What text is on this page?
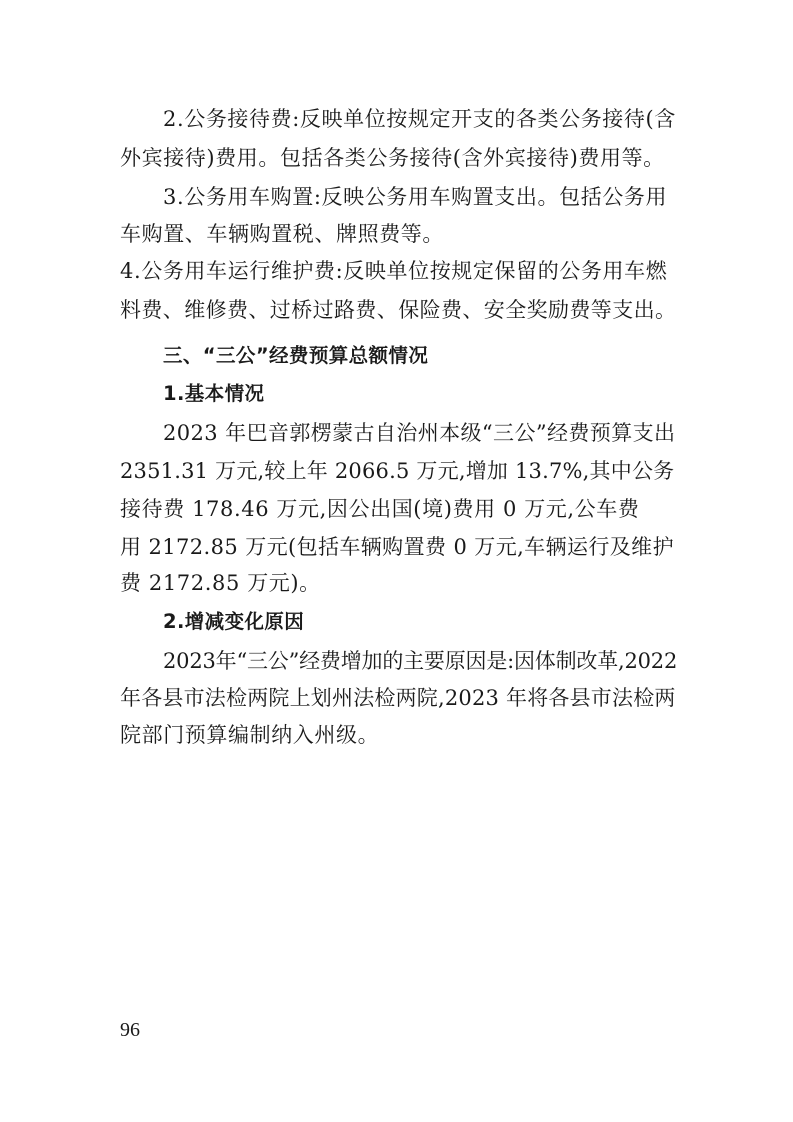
2.公务接待费:反映单位按规定开支的各类公务接待(含
外宾接待)费用。包括各类公务接待(含外宾接待)费用等。
3.公务用车购置:反映公务用车购置支出。包括公务用
车购置、车辆购置税、牌照费等。
4.公务用车运行维护费:反映单位按规定保留的公务用车燃
料费、维修费、过桥过路费、保险费、安全奖励费等支出。
三、“三公”经费预算总额情况
1.基本情况
2023 年巴音郭楞蒙古自治州本级“三公”经费预算支出
2351.31 万元,较上年 2066.5 万元,增加 13.7%,其中公务
接待费 178.46 万元,因公出国(境)费用 0 万元,公车费
用 2172.85 万元(包括车辆购置费 0 万元,车辆运行及维护
费 2172.85 万元)。
2.增减变化原因
2023年“三公”经费增加的主要原因是:因体制改革,2022
年各县市法检两院上划州法检两院,2023 年将各县市法检两
院部门预算编制纳入州级。
96
